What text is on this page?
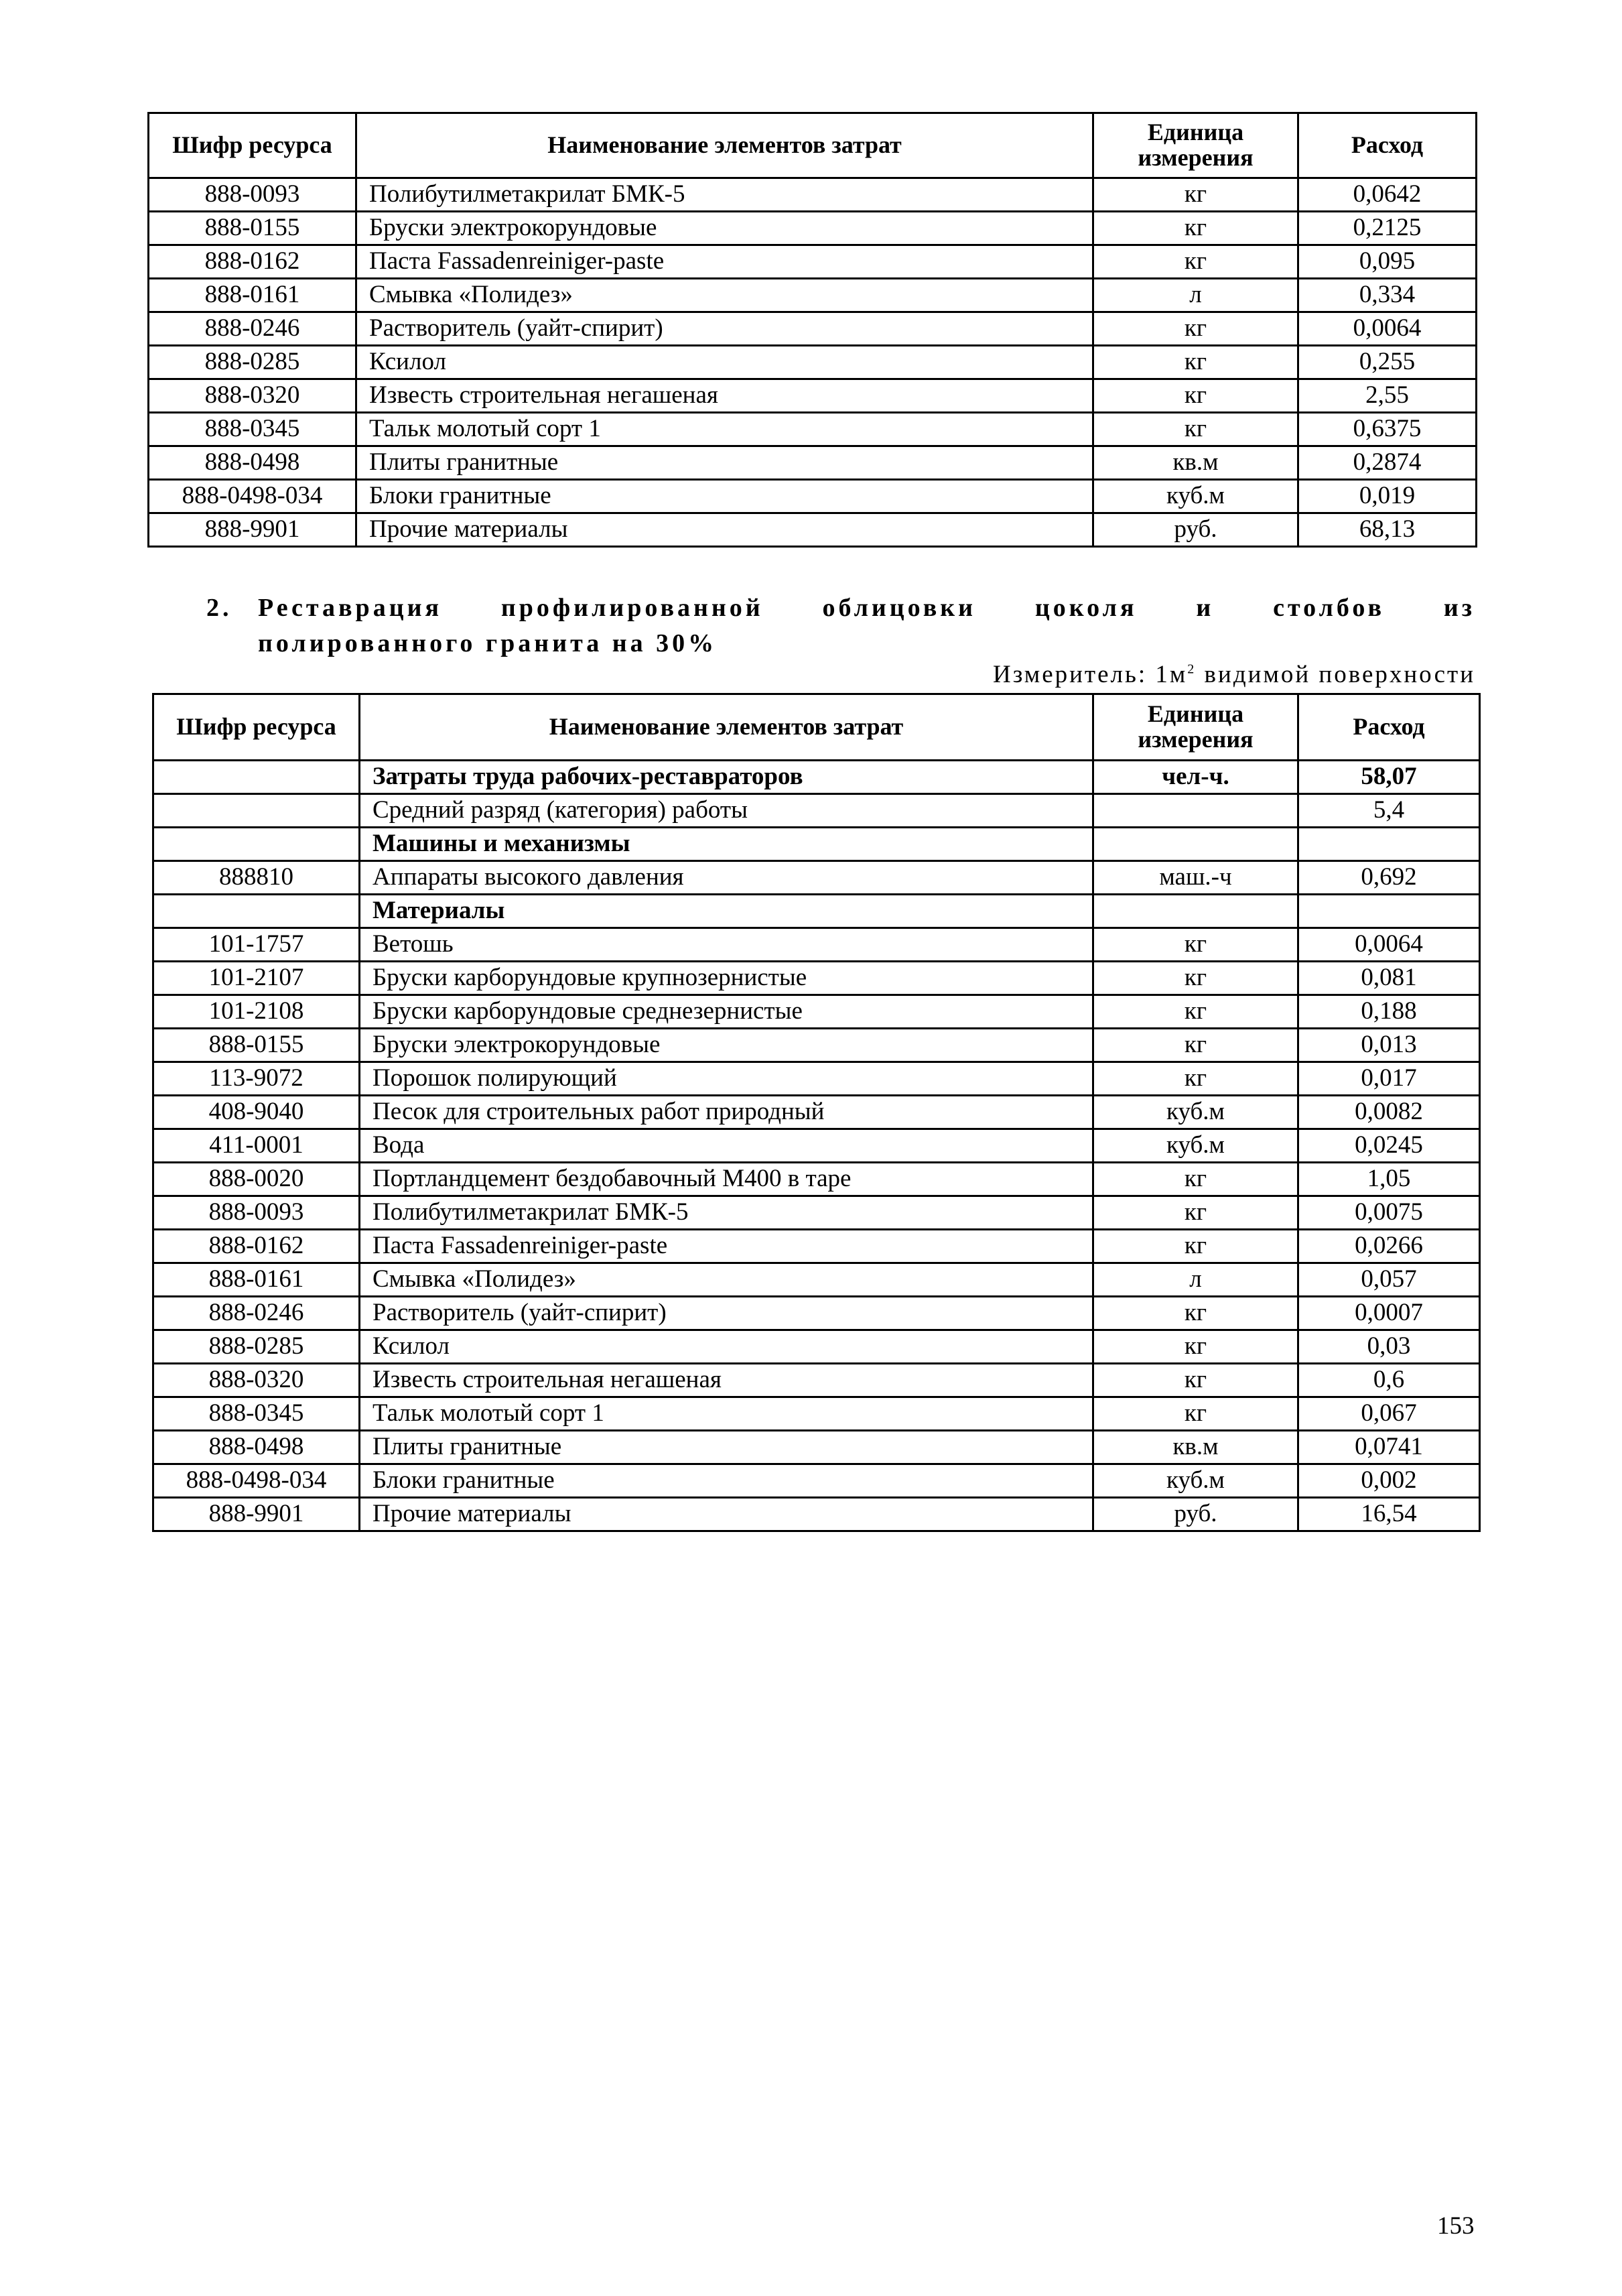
Шифр ресурса	Наименование элементов затрат	Единица измерения	Расход
888-0093	Полибутилметакрилат БМК-5	кг	0,0642
888-0155	Бруски электрокорундовые	кг	0,2125
888-0162	Паста Fassadenreiniger-paste	кг	0,095
888-0161	Смывка «Полидез»	л	0,334
888-0246	Растворитель (уайт-спирит)	кг	0,0064
888-0285	Ксилол	кг	0,255
888-0320	Известь строительная негашеная	кг	2,55
888-0345	Тальк молотый сорт 1	кг	0,6375
888-0498	Плиты гранитные	кв.м	0,2874
888-0498-034	Блоки гранитные	куб.м	0,019
888-9901	Прочие материалы	руб.	68,13
2. Реставрация профилированной облицовки цоколя и столбов из
полированного гранита на 30%
Измеритель: $1м^2$ видимой поверхности
Шифр ресурса	Наименование элементов затрат	Единица измерения	Расход
	Затраты труда рабочих-реставраторов	чел-ч.	58,07
	Средний разряд (категория) работы		5,4
	Машины и механизмы		
888810	Аппараты высокого давления	маш.-ч	0,692
	Материалы		
101-1757	Ветошь	кг	0,0064
101-2107	Бруски карборундовые крупнозернистые	кг	0,081
101-2108	Бруски карборундовые среднезернистые	кг	0,188
888-0155	Бруски электрокорундовые	кг	0,013
113-9072	Порошок полирующий	кг	0,017
408-9040	Песок для строительных работ природный	куб.м	0,0082
411-0001	Вода	куб.м	0,0245
888-0020	Портландцемент бездобавочный М400 в таре	кг	1,05
888-0093	Полибутилметакрилат БМК-5	кг	0,0075
888-0162	Паста Fassadenreiniger-paste	кг	0,0266
888-0161	Смывка «Полидез»	л	0,057
888-0246	Растворитель (уайт-спирит)	кг	0,0007
888-0285	Ксилол	кг	0,03
888-0320	Известь строительная негашеная	кг	0,6
888-0345	Тальк молотый сорт 1	кг	0,067
888-0498	Плиты гранитные	кв.м	0,0741
888-0498-034	Блоки гранитные	куб.м	0,002
888-9901	Прочие материалы	руб.	16,54
153
